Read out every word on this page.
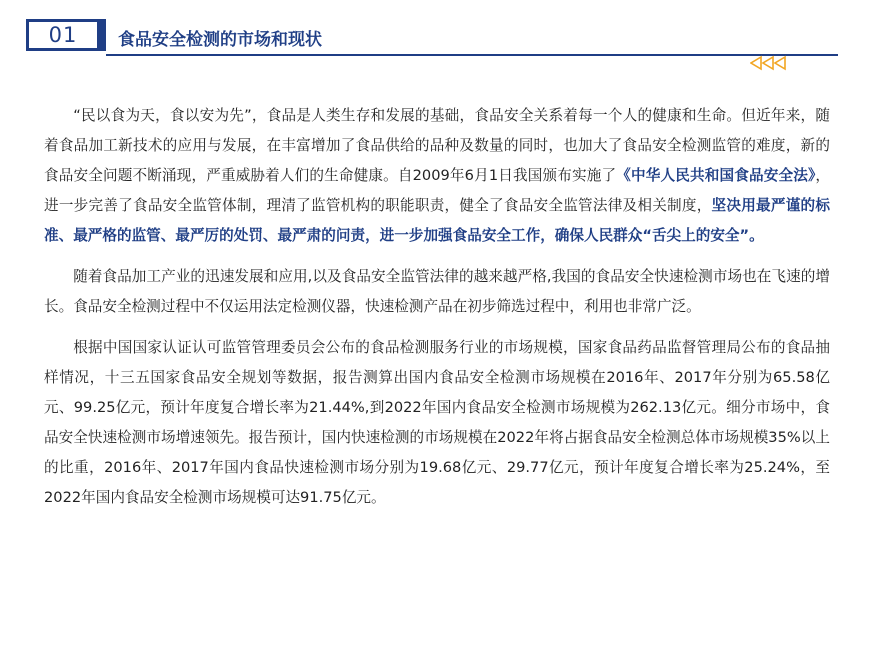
01 食品安全检测的市场和现状

“民以食为天，食以安为先”，食品是人类生存和发展的基础，食品安全关系着每一个人的健康和生命。但近年来，随着食品加工新技术的应用与发展，在丰富增加了食品供给的品种及数量的同时，也加大了食品安全检测监管的难度，新的食品安全问题不断涌现，严重威胁着人们的生命健康。自2009年6月1日我国颁布实施了《中华人民共和国食品安全法》，进一步完善了食品安全监管体制，理清了监管机构的职能职责，健全了食品安全监管法律及相关制度，坚决用最严谨的标准、最严格的监管、最严厉的处罚、最严肃的问责，进一步加强食品安全工作，确保人民群众“舌尖上的安全”。

随着食品加工产业的迅速发展和应用,以及食品安全监管法律的越来越严格,我国的食品安全快速检测市场也在飞速的增长。食品安全检测过程中不仅运用法定检测仪器，快速检测产品在初步筛选过程中，利用也非常广泛。

根据中国国家认证认可监管管理委员会公布的食品检测服务行业的市场规模，国家食品药品监督管理局公布的食品抽样情况，十三五国家食品安全规划等数据，报告测算出国内食品安全检测市场规模在2016年、2017年分别为65.58亿元、99.25亿元，预计年度复合增长率为21.44%,到2022年国内食品安全检测市场规模为262.13亿元。细分市场中，食品安全快速检测市场增速领先。报告预计，国内快速检测的市场规模在2022年将占据食品安全检测总体市场规模35%以上的比重，2016年、2017年国内食品快速检测市场分别为19.68亿元、29.77亿元，预计年度复合增长率为25.24%，至2022年国内食品安全检测市场规模可达91.75亿元。
